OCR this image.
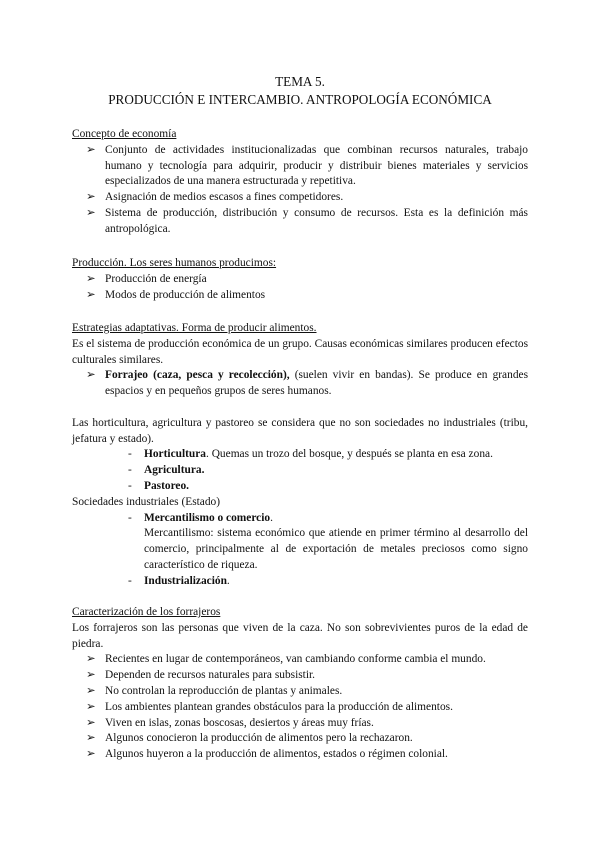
TEMA 5.
PRODUCCIÓN E INTERCAMBIO. ANTROPOLOGÍA ECONÓMICA

Concepto de economía

➢ Conjunto de actividades institucionalizadas que combinan recursos naturales, trabajo humano y tecnología para adquirir, producir y distribuir bienes materiales y servicios especializados de una manera estructurada y repetitiva.
➢ Asignación de medios escasos a fines competidores.
➢ Sistema de producción, distribución y consumo de recursos. Esta es la definición más antropológica.

Producción. Los seres humanos producimos:

➢ Producción de energía
➢ Modos de producción de alimentos

Estrategias adaptativas. Forma de producir alimentos.

Es el sistema de producción económica de un grupo. Causas económicas similares producen efectos culturales similares.

➢ Forrajeo (caza, pesca y recolección), (suelen vivir en bandas). Se produce en grandes espacios y en pequeños grupos de seres humanos.

Las horticultura, agricultura y pastoreo se considera que no son sociedades no industriales (tribu, jefatura y estado).

- Horticultura. Quemas un trozo del bosque, y después se planta en esa zona.
- Agricultura.
- Pastoreo.

Sociedades industriales (Estado)

- Mercantilismo o comercio.

Mercantilismo: sistema económico que atiende en primer término al desarrollo del comercio, principalmente al de exportación de metales preciosos como signo característico de riqueza.

- Industrialización.

Caracterización de los forrajeros

Los forrajeros son las personas que viven de la caza. No son sobrevivientes puros de la edad de piedra.

➢ Recientes en lugar de contemporáneos, van cambiando conforme cambia el mundo.
➢ Dependen de recursos naturales para subsistir.
➢ No controlan la reproducción de plantas y animales.
➢ Los ambientes plantean grandes obstáculos para la producción de alimentos.
➢ Viven en islas, zonas boscosas, desiertos y áreas muy frías.
➢ Algunos conocieron la producción de alimentos pero la rechazaron.
➢ Algunos huyeron a la producción de alimentos, estados o régimen colonial.
